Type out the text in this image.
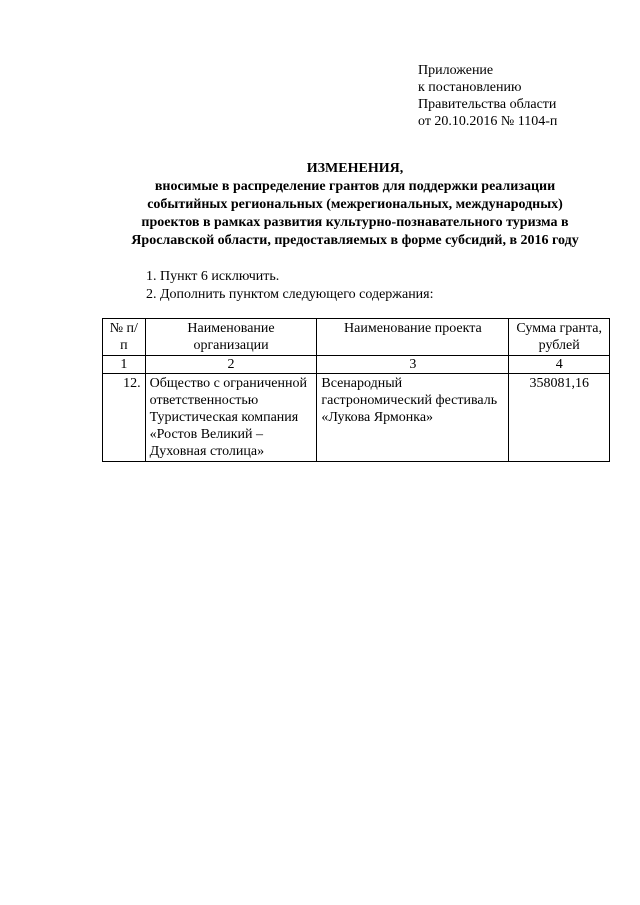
Приложение
к постановлению
Правительства области
от 20.10.2016 № 1104-п
ИЗМЕНЕНИЯ,
вносимые в распределение грантов для поддержки реализации
событийных региональных (межрегиональных, международных)
проектов в рамках развития культурно-познавательного туризма в
Ярославской области, предоставляемых в форме субсидий, в 2016 году
1. Пункт 6 исключить.
2. Дополнить пунктом следующего содержания:
№ п/п	Наименование организации	Наименование проекта	Сумма гранта, рублей
1	2	3	4
12.	Общество с ограниченной ответственностью Туристическая компания «Ростов Великий – Духовная столица»	Всенародный гастрономический фестиваль «Лукова Ярмонка»	358081,16
